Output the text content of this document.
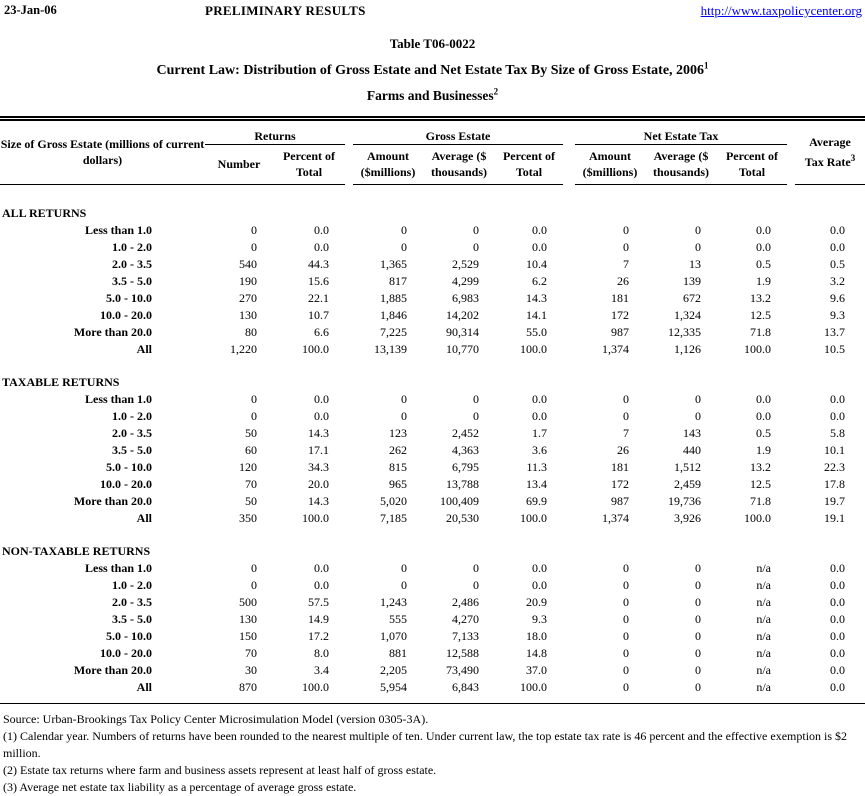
23-Jan-06	PRELIMINARY RESULTS	http://www.taxpolicycenter.org
Table T06-0022
Current Law: Distribution of Gross Estate and Net Estate Tax By Size of Gross Estate, 2006$^1$
Farms and Businesses$^2$
Size of Gross Estate (millions of current dollars)	Returns			Gross Estate				Net Estate Tax				Average
Tax Rate$^3$
	Number	Percent of Total		Amount ($millions)	Average ($ thousands)	Percent of Total		Amount ($millions)	Average ($ thousands)	Percent of Total		

ALL RETURNS												
Less than 1.0	0	0.0		0	0	0.0		0	0	0.0		0.0
1.0 - 2.0	0	0.0		0	0	0.0		0	0	0.0		0.0
2.0 - 3.5	540	44.3		1,365	2,529	10.4		7	13	0.5		0.5
3.5 - 5.0	190	15.6		817	4,299	6.2		26	139	1.9		3.2
5.0 - 10.0	270	22.1		1,885	6,983	14.3		181	672	13.2		9.6
10.0 - 20.0	130	10.7		1,846	14,202	14.1		172	1,324	12.5		9.3
More than 20.0	80	6.6		7,225	90,314	55.0		987	12,335	71.8		13.7
All	1,220	100.0		13,139	10,770	100.0		1,374	1,126	100.0		10.5

TAXABLE RETURNS												
Less than 1.0	0	0.0		0	0	0.0		0	0	0.0		0.0
1.0 - 2.0	0	0.0		0	0	0.0		0	0	0.0		0.0
2.0 - 3.5	50	14.3		123	2,452	1.7		7	143	0.5		5.8
3.5 - 5.0	60	17.1		262	4,363	3.6		26	440	1.9		10.1
5.0 - 10.0	120	34.3		815	6,795	11.3		181	1,512	13.2		22.3
10.0 - 20.0	70	20.0		965	13,788	13.4		172	2,459	12.5		17.8
More than 20.0	50	14.3		5,020	100,409	69.9		987	19,736	71.8		19.7
All	350	100.0		7,185	20,530	100.0		1,374	3,926	100.0		19.1

NON-TAXABLE RETURNS												
Less than 1.0	0	0.0		0	0	0.0		0	0	n/a		0.0
1.0 - 2.0	0	0.0		0	0	0.0		0	0	n/a		0.0
2.0 - 3.5	500	57.5		1,243	2,486	20.9		0	0	n/a		0.0
3.5 - 5.0	130	14.9		555	4,270	9.3		0	0	n/a		0.0
5.0 - 10.0	150	17.2		1,070	7,133	18.0		0	0	n/a		0.0
10.0 - 20.0	70	8.0		881	12,588	14.8		0	0	n/a		0.0
More than 20.0	30	3.4		2,205	73,490	37.0		0	0	n/a		0.0
All	870	100.0		5,954	6,843	100.0		0	0	n/a		0.0

Source: Urban-Brookings Tax Policy Center Microsimulation Model (version 0305-3A).
(1) Calendar year. Numbers of returns have been rounded to the nearest multiple of ten. Under current law, the top estate tax rate is 46 percent and the effective exemption is $2 million.
(2) Estate tax returns where farm and business assets represent at least half of gross estate.
(3) Average net estate tax liability as a percentage of average gross estate.
